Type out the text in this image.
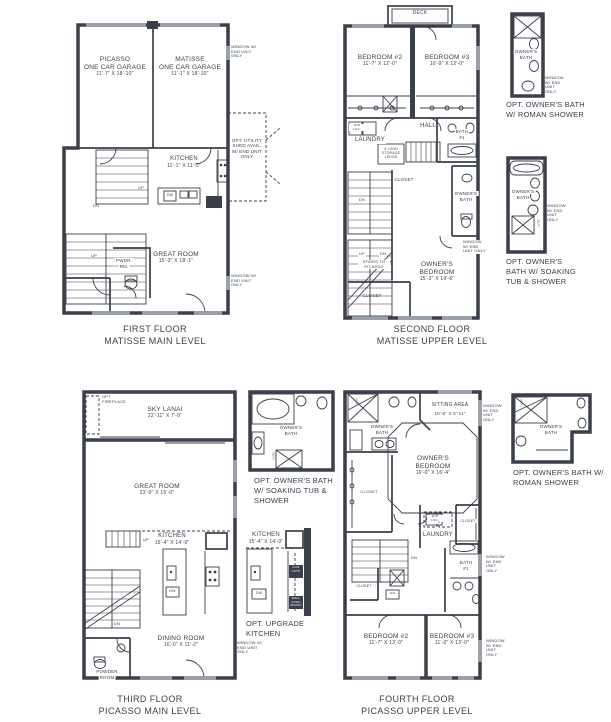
PICASSO
ONE CAR GARAGE
11'-7" X 18'-10"
MATISSE
ONE CAR GARAGE
11'-1" X 18'-10"
WINDOW W/ END UNIT ONLY
KITCHEN
11'-1" X 11'-5"
OPT. UTILITY SHED AVAIL. W/ END UNIT ONLY
GREAT ROOM
15'-3" X 18'-1"
UP
DN
UP
DW
PWDR.
RM.
WINDOW W/ END UNIT ONLY
FIRST FLOOR
MATISSE MAIN LEVEL
DECK
BEDROOM #2
11'-7" X 12'-0"
BEDROOM #3
10'-9" X 12'-0"
W/D LOC.
LAUNDRY
HALL
BATH
#1
4' HIGH STORAGE LEDGE
CLOSET
OWNER'S
BATH
WINDOW W/ END UNIT ONLY
OWNER'S
BEDROOM
15'-3" X 19'-6"
DN
UP	DN
STAIRS TO PICASSO
CLOSET
SECOND FLOOR
MATISSE UPPER LEVEL
OWNER'S
BATH
WINDOW W/ END UNIT ONLY
OPT. OWNER'S BATH W/ ROMAN SHOWER
OWNER'S
BATH
SEAT
WINDOW W/ END UNIT ONLY
OPT. OWNER'S BATH W/ SOAKING TUB & SHOWER
OPT. FIREPLACE
SKY LANAI
22'-11" X 7'-9"
GREAT ROOM
23'-0" X 15'-0"
KITCHEN
15'-4" X 14'-9"
UP
DN
DW
DINING ROOM
16'-0" X 11'-2"
POWDER
ROOM
WINDOW W/ END UNIT ONLY
THIRD FLOOR
PICASSO MAIN LEVEL
OWNER'S
BATH
SEAT
OPT. OWNER'S BATH W/ SOAKING TUB & SHOWER
KITCHEN
15'-4" X 14'-9"
DW
GAS CKTP
WALL OVEN MICRO
OPT. UPGRADE KITCHEN
SEAT
OWNER'S
BATH
SITTING AREA
10'-6" X 5'-11"
OWNER'S
BEDROOM
16'-0" X 16'-4"
CLOSET
W/D LOC.
LAUNDRY
CLOSET
DN
WH
CLOSET
BATH
#1
BEDROOM #2
11'-7" X 13'-0"
BEDROOM #3
11'-0" X 13'-0"
WINDOW W/ END UNIT ONLY
WINDOW W/ END UNIT ONLY
WINDOW W/ END UNIT ONLY
FOURTH FLOOR
PICASSO UPPER LEVEL
SEAT
OWNER'S
BATH
OPT. OWNER'S BATH W/ ROMAN SHOWER
